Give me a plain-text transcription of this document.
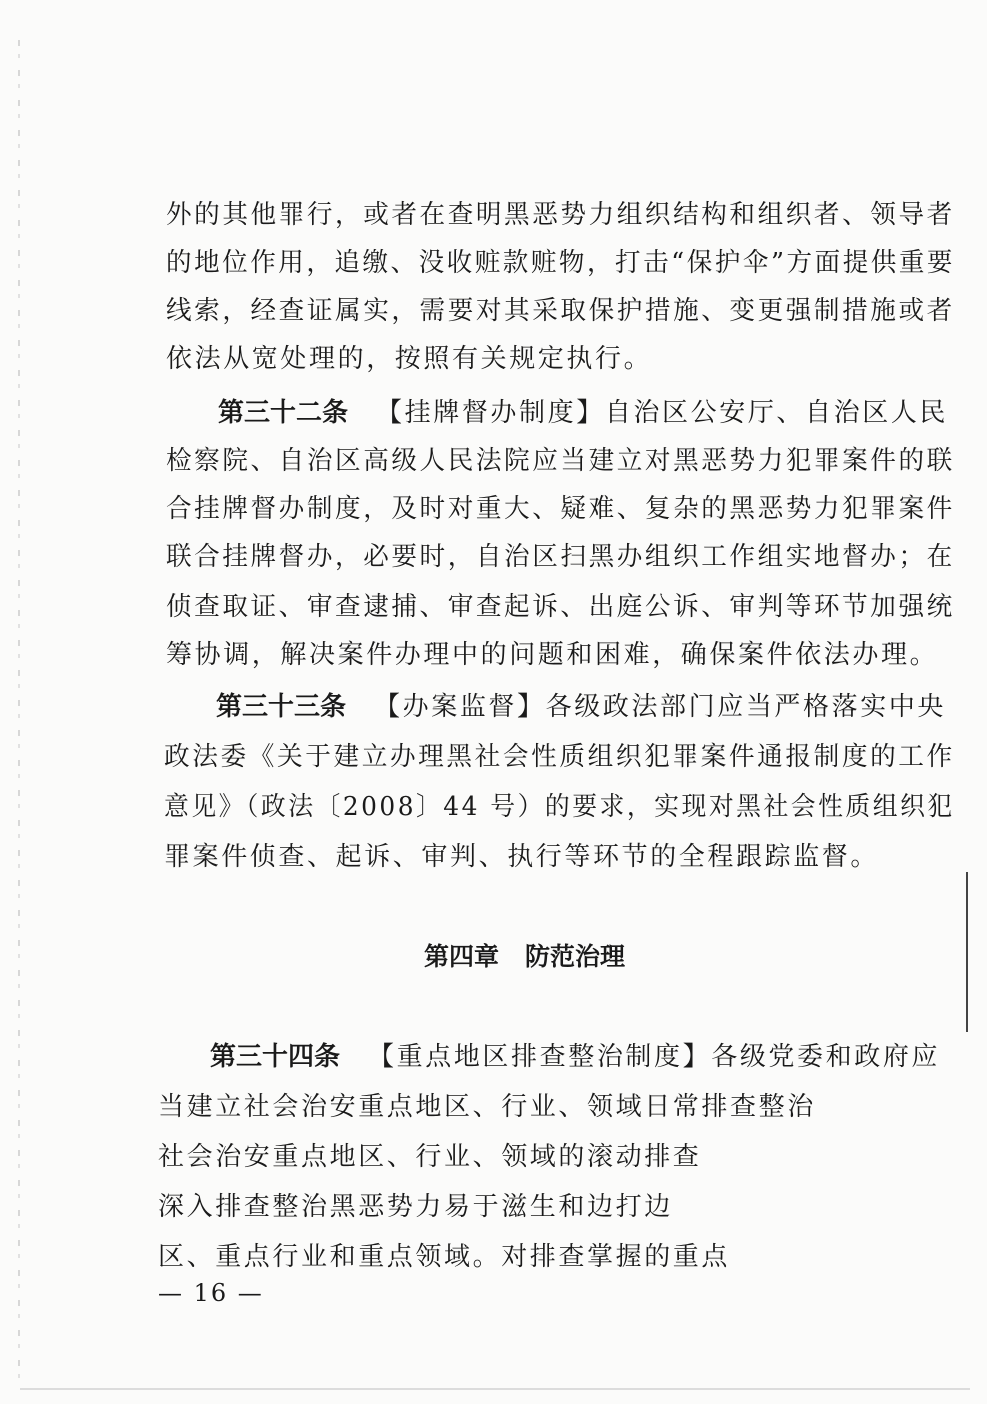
外的其他罪行，或者在查明黑恶势力组织结构和组织者、领导者
的地位作用，追缴、没收赃款赃物，打击“保护伞”方面提供重要
线索，经查证属实，需要对其采取保护措施、变更强制措施或者
依法从宽处理的，按照有关规定执行。
第三十二条 【挂牌督办制度】自治区公安厅、自治区人民
检察院、自治区高级人民法院应当建立对黑恶势力犯罪案件的联
合挂牌督办制度，及时对重大、疑难、复杂的黑恶势力犯罪案件
联合挂牌督办，必要时，自治区扫黑办组织工作组实地督办；在
侦查取证、审查逮捕、审查起诉、出庭公诉、审判等环节加强统
筹协调，解决案件办理中的问题和困难，确保案件依法办理。
第三十三条 【办案监督】各级政法部门应当严格落实中央
政法委《关于建立办理黑社会性质组织犯罪案件通报制度的工作
意见》（政法〔2008〕44 号）的要求，实现对黑社会性质组织犯
罪案件侦查、起诉、审判、执行等环节的全程跟踪监督。
第四章 防范治理
第三十四条 【重点地区排查整治制度】各级党委和政府应
当建立社会治安重点地区、行业、领域日常排查整治
社会治安重点地区、行业、领域的滚动排查
深入排查整治黑恶势力易于滋生和边打边
区、重点行业和重点领域。对排查掌握的重点
— 16 —
